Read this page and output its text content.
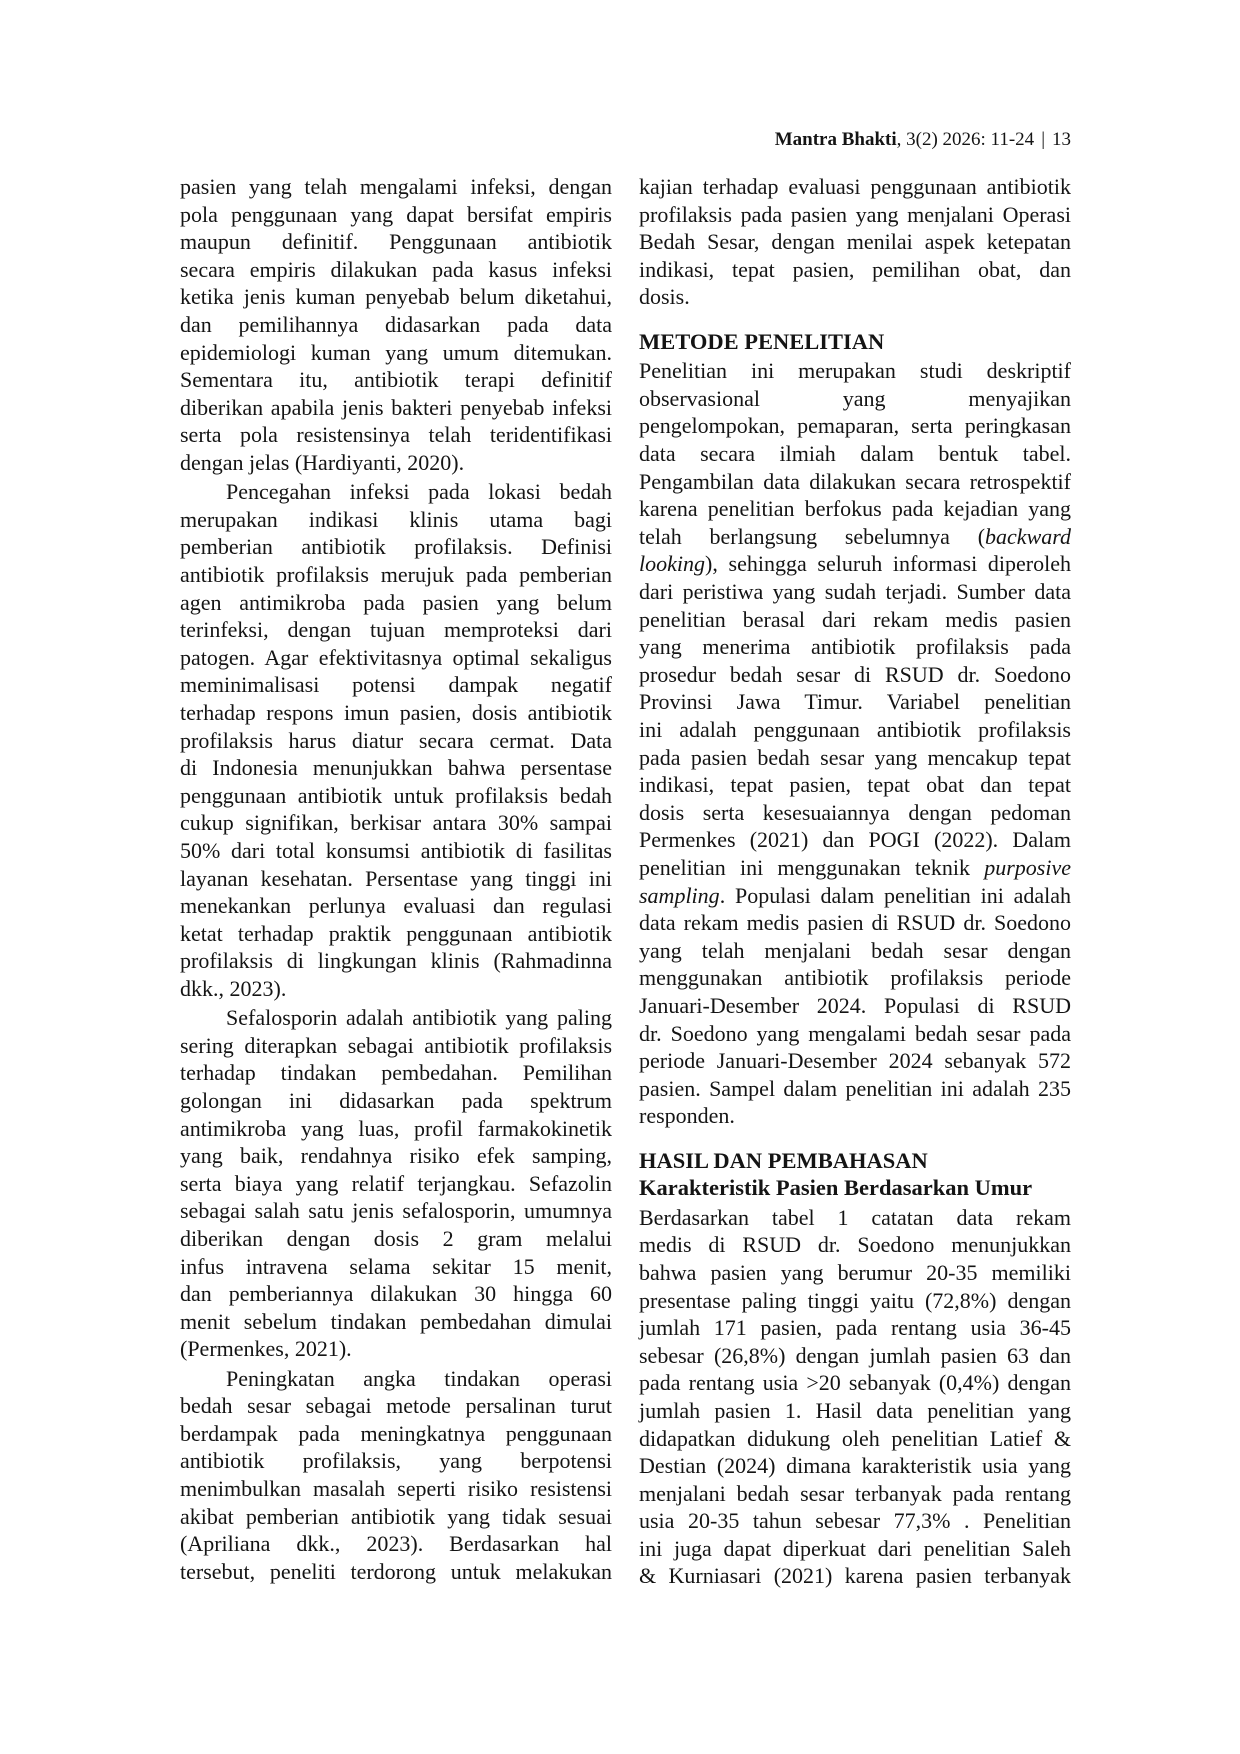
Mantra Bhakti, 3(2) 2026: 11-24 | 13
pasien yang telah mengalami infeksi, dengan
pola penggunaan yang dapat bersifat empiris
maupun definitif. Penggunaan antibiotik
secara empiris dilakukan pada kasus infeksi
ketika jenis kuman penyebab belum diketahui,
dan pemilihannya didasarkan pada data
epidemiologi kuman yang umum ditemukan.
Sementara itu, antibiotik terapi definitif
diberikan apabila jenis bakteri penyebab infeksi
serta pola resistensinya telah teridentifikasi
dengan jelas (Hardiyanti, 2020).
Pencegahan infeksi pada lokasi bedah
merupakan indikasi klinis utama bagi
pemberian antibiotik profilaksis. Definisi
antibiotik profilaksis merujuk pada pemberian
agen antimikroba pada pasien yang belum
terinfeksi, dengan tujuan memproteksi dari
patogen. Agar efektivitasnya optimal sekaligus
meminimalisasi potensi dampak negatif
terhadap respons imun pasien, dosis antibiotik
profilaksis harus diatur secara cermat. Data
di Indonesia menunjukkan bahwa persentase
penggunaan antibiotik untuk profilaksis bedah
cukup signifikan, berkisar antara 30% sampai
50% dari total konsumsi antibiotik di fasilitas
layanan kesehatan. Persentase yang tinggi ini
menekankan perlunya evaluasi dan regulasi
ketat terhadap praktik penggunaan antibiotik
profilaksis di lingkungan klinis (Rahmadinna
dkk., 2023).
Sefalosporin adalah antibiotik yang paling
sering diterapkan sebagai antibiotik profilaksis
terhadap tindakan pembedahan. Pemilihan
golongan ini didasarkan pada spektrum
antimikroba yang luas, profil farmakokinetik
yang baik, rendahnya risiko efek samping,
serta biaya yang relatif terjangkau. Sefazolin
sebagai salah satu jenis sefalosporin, umumnya
diberikan dengan dosis 2 gram melalui
infus intravena selama sekitar 15 menit,
dan pemberiannya dilakukan 30 hingga 60
menit sebelum tindakan pembedahan dimulai
(Permenkes, 2021).
Peningkatan angka tindakan operasi
bedah sesar sebagai metode persalinan turut
berdampak pada meningkatnya penggunaan
antibiotik profilaksis, yang berpotensi
menimbulkan masalah seperti risiko resistensi
akibat pemberian antibiotik yang tidak sesuai
(Apriliana dkk., 2023). Berdasarkan hal
tersebut, peneliti terdorong untuk melakukan
kajian terhadap evaluasi penggunaan antibiotik
profilaksis pada pasien yang menjalani Operasi
Bedah Sesar, dengan menilai aspek ketepatan
indikasi, tepat pasien, pemilihan obat, dan
dosis.
METODE PENELITIAN
Penelitian ini merupakan studi deskriptif
observasional yang menyajikan
pengelompokan, pemaparan, serta peringkasan
data secara ilmiah dalam bentuk tabel.
Pengambilan data dilakukan secara retrospektif
karena penelitian berfokus pada kejadian yang
telah berlangsung sebelumnya (backward
looking), sehingga seluruh informasi diperoleh
dari peristiwa yang sudah terjadi. Sumber data
penelitian berasal dari rekam medis pasien
yang menerima antibiotik profilaksis pada
prosedur bedah sesar di RSUD dr. Soedono
Provinsi Jawa Timur. Variabel penelitian
ini adalah penggunaan antibiotik profilaksis
pada pasien bedah sesar yang mencakup tepat
indikasi, tepat pasien, tepat obat dan tepat
dosis serta kesesuaiannya dengan pedoman
Permenkes (2021) dan POGI (2022). Dalam
penelitian ini menggunakan teknik purposive
sampling. Populasi dalam penelitian ini adalah
data rekam medis pasien di RSUD dr. Soedono
yang telah menjalani bedah sesar dengan
menggunakan antibiotik profilaksis periode
Januari-Desember 2024. Populasi di RSUD
dr. Soedono yang mengalami bedah sesar pada
periode Januari-Desember 2024 sebanyak 572
pasien. Sampel dalam penelitian ini adalah 235
responden.
HASIL DAN PEMBAHASAN
Karakteristik Pasien Berdasarkan Umur
Berdasarkan tabel 1 catatan data rekam
medis di RSUD dr. Soedono menunjukkan
bahwa pasien yang berumur 20-35 memiliki
presentase paling tinggi yaitu (72,8%) dengan
jumlah 171 pasien, pada rentang usia 36-45
sebesar (26,8%) dengan jumlah pasien 63 dan
pada rentang usia >20 sebanyak (0,4%) dengan
jumlah pasien 1. Hasil data penelitian yang
didapatkan didukung oleh penelitian Latief &
Destian (2024) dimana karakteristik usia yang
menjalani bedah sesar terbanyak pada rentang
usia 20-35 tahun sebesar 77,3% . Penelitian
ini juga dapat diperkuat dari penelitian Saleh
& Kurniasari (2021) karena pasien terbanyak
